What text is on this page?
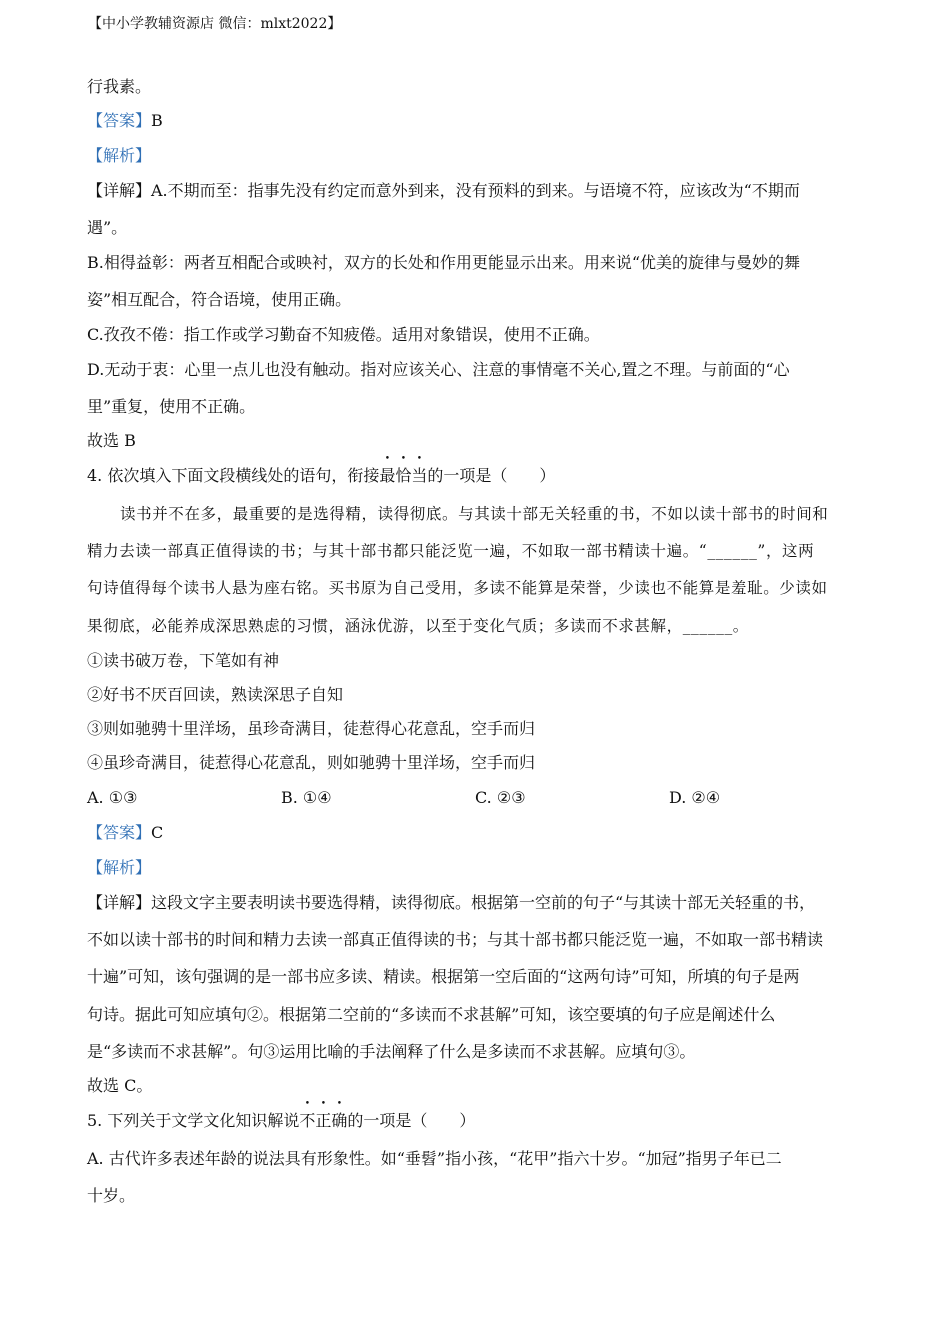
【中小学教辅资源店 微信：mlxt2022】
行我素。
【答案】B
【解析】
【详解】A.不期而至：指事先没有约定而意外到来，没有预料的到来。与语境不符，应该改为“不期而
遇”。
B.相得益彰：两者互相配合或映衬，双方的长处和作用更能显示出来。用来说“优美的旋律与曼妙的舞
姿”相互配合，符合语境，使用正确。
C.孜孜不倦：指工作或学习勤奋不知疲倦。适用对象错误，使用不正确。
D.无动于衷：心里一点儿也没有触动。指对应该关心、注意的事情毫不关心,置之不理。与前面的“心
里”重复，使用不正确。
故选 B
4. 依次填入下面文段横线处的语句，衔接最恰当的一项是（　　）
读书并不在多，最重要的是选得精，读得彻底。与其读十部无关轻重的书，不如以读十部书的时间和
精力去读一部真正值得读的书；与其十部书都只能泛览一遍，不如取一部书精读十遍。“______”，这两
句诗值得每个读书人悬为座右铭。买书原为自己受用，多读不能算是荣誉，少读也不能算是羞耻。少读如
果彻底，必能养成深思熟虑的习惯，涵泳优游，以至于变化气质；多读而不求甚解，______。
①读书破万卷，下笔如有神
②好书不厌百回读，熟读深思子自知
③则如驰骋十里洋场，虽珍奇满目，徒惹得心花意乱，空手而归
④虽珍奇满目，徒惹得心花意乱，则如驰骋十里洋场，空手而归
A. ①③	B. ①④	C. ②③	D. ②④
【答案】C
【解析】
【详解】这段文字主要表明读书要选得精，读得彻底。根据第一空前的句子“与其读十部无关轻重的书，
不如以读十部书的时间和精力去读一部真正值得读的书；与其十部书都只能泛览一遍，不如取一部书精读
十遍”可知，该句强调的是一部书应多读、精读。根据第一空后面的“这两句诗”可知，所填的句子是两
句诗。据此可知应填句②。根据第二空前的“多读而不求甚解”可知，该空要填的句子应是阐述什么
是“多读而不求甚解”。句③运用比喻的手法阐释了什么是多读而不求甚解。应填句③。
故选 C。
5. 下列关于文学文化知识解说不正确的一项是（　　）
A. 古代许多表述年龄的说法具有形象性。如“垂髫”指小孩，“花甲”指六十岁。“加冠”指男子年已二
十岁。
